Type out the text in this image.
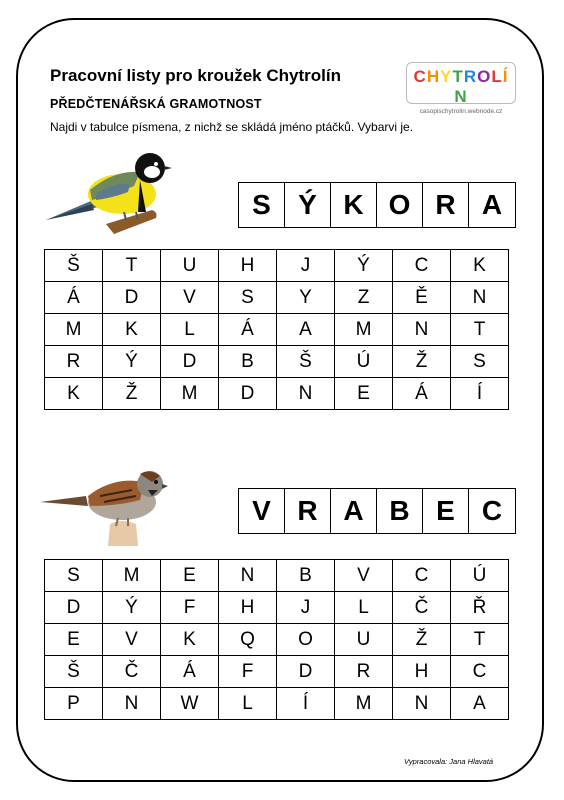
Pracovní listy pro kroužek Chytrolín
PŘEDČTENÁŘSKÁ GRAMOTNOST
Najdi v tabulce písmena, z nichž se skládá jméno ptáčků. Vybarvi je.
CHYTROLÍN
casopischytrolin.webnode.cz
S Ý K O R A
Š	T	U	H	J	Ý	C	K
Á	D	V	S	Y	Z	Ě	N
M	K	L	Á	A	M	N	T
R	Ý	D	B	Š	Ú	Ž	S
K	Ž	M	D	N	E	Á	Í
V R A B E C
S	M	E	N	B	V	C	Ú
D	Ý	F	H	J	L	Č	Ř
E	V	K	Q	O	U	Ž	T
Š	Č	Á	F	D	R	H	C
P	N	W	L	Í	M	N	A
Vypracovala: Jana Hlavatá
